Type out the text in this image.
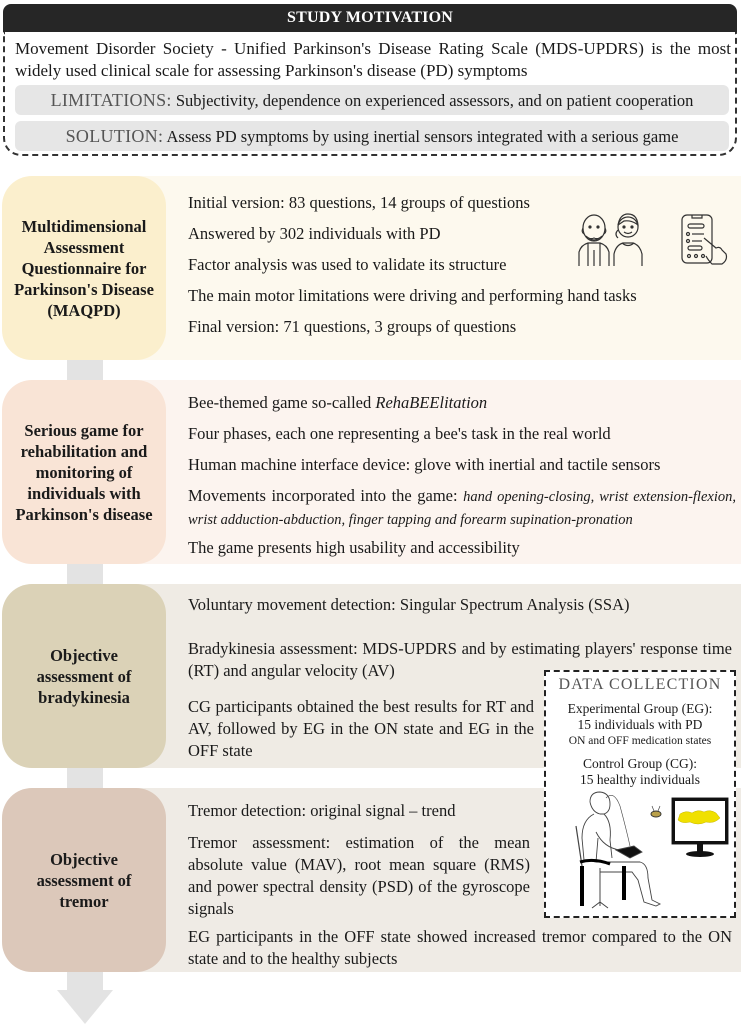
STUDY MOTIVATION
Movement Disorder Society - Unified Parkinson's Disease Rating Scale (MDS-UPDRS) is the most widely used clinical scale for assessing Parkinson's disease (PD) symptoms
LIMITATIONS: Subjectivity, dependence on experienced assessors, and on patient cooperation
SOLUTION: Assess PD symptoms by using inertial sensors integrated with a serious game
Multidimensional Assessment Questionnaire for Parkinson's Disease (MAQPD)
Initial version: 83 questions, 14 groups of questions
Answered by 302 individuals with PD
Factor analysis was used to validate its structure
The main motor limitations were driving and performing hand tasks
Final version: 71 questions, 3 groups of questions
Serious game for rehabilitation and monitoring of individuals with Parkinson's disease
Bee-themed game so-called RehaBEElitation
Four phases, each one representing a bee's task in the real world
Human machine interface device: glove with inertial and tactile sensors
Movements incorporated into the game: hand opening-closing, wrist extension-flexion, wrist adduction-abduction, finger tapping and forearm supination-pronation
The game presents high usability and accessibility
Objective assessment of bradykinesia
Voluntary movement detection: Singular Spectrum Analysis (SSA)
Bradykinesia assessment: MDS-UPDRS and by estimating players' response time (RT) and angular velocity (AV)
CG participants obtained the best results for RT and AV, followed by EG in the ON state and EG in the OFF state
Objective assessment of tremor
Tremor detection: original signal – trend
Tremor assessment: estimation of the mean absolute value (MAV), root mean square (RMS) and power spectral density (PSD) of the gyroscope signals
EG participants in the OFF state showed increased tremor compared to the ON state and to the healthy subjects
DATA COLLECTION
Experimental Group (EG):
15 individuals with PD
ON and OFF medication states
Control Group (CG):
15 healthy individuals
